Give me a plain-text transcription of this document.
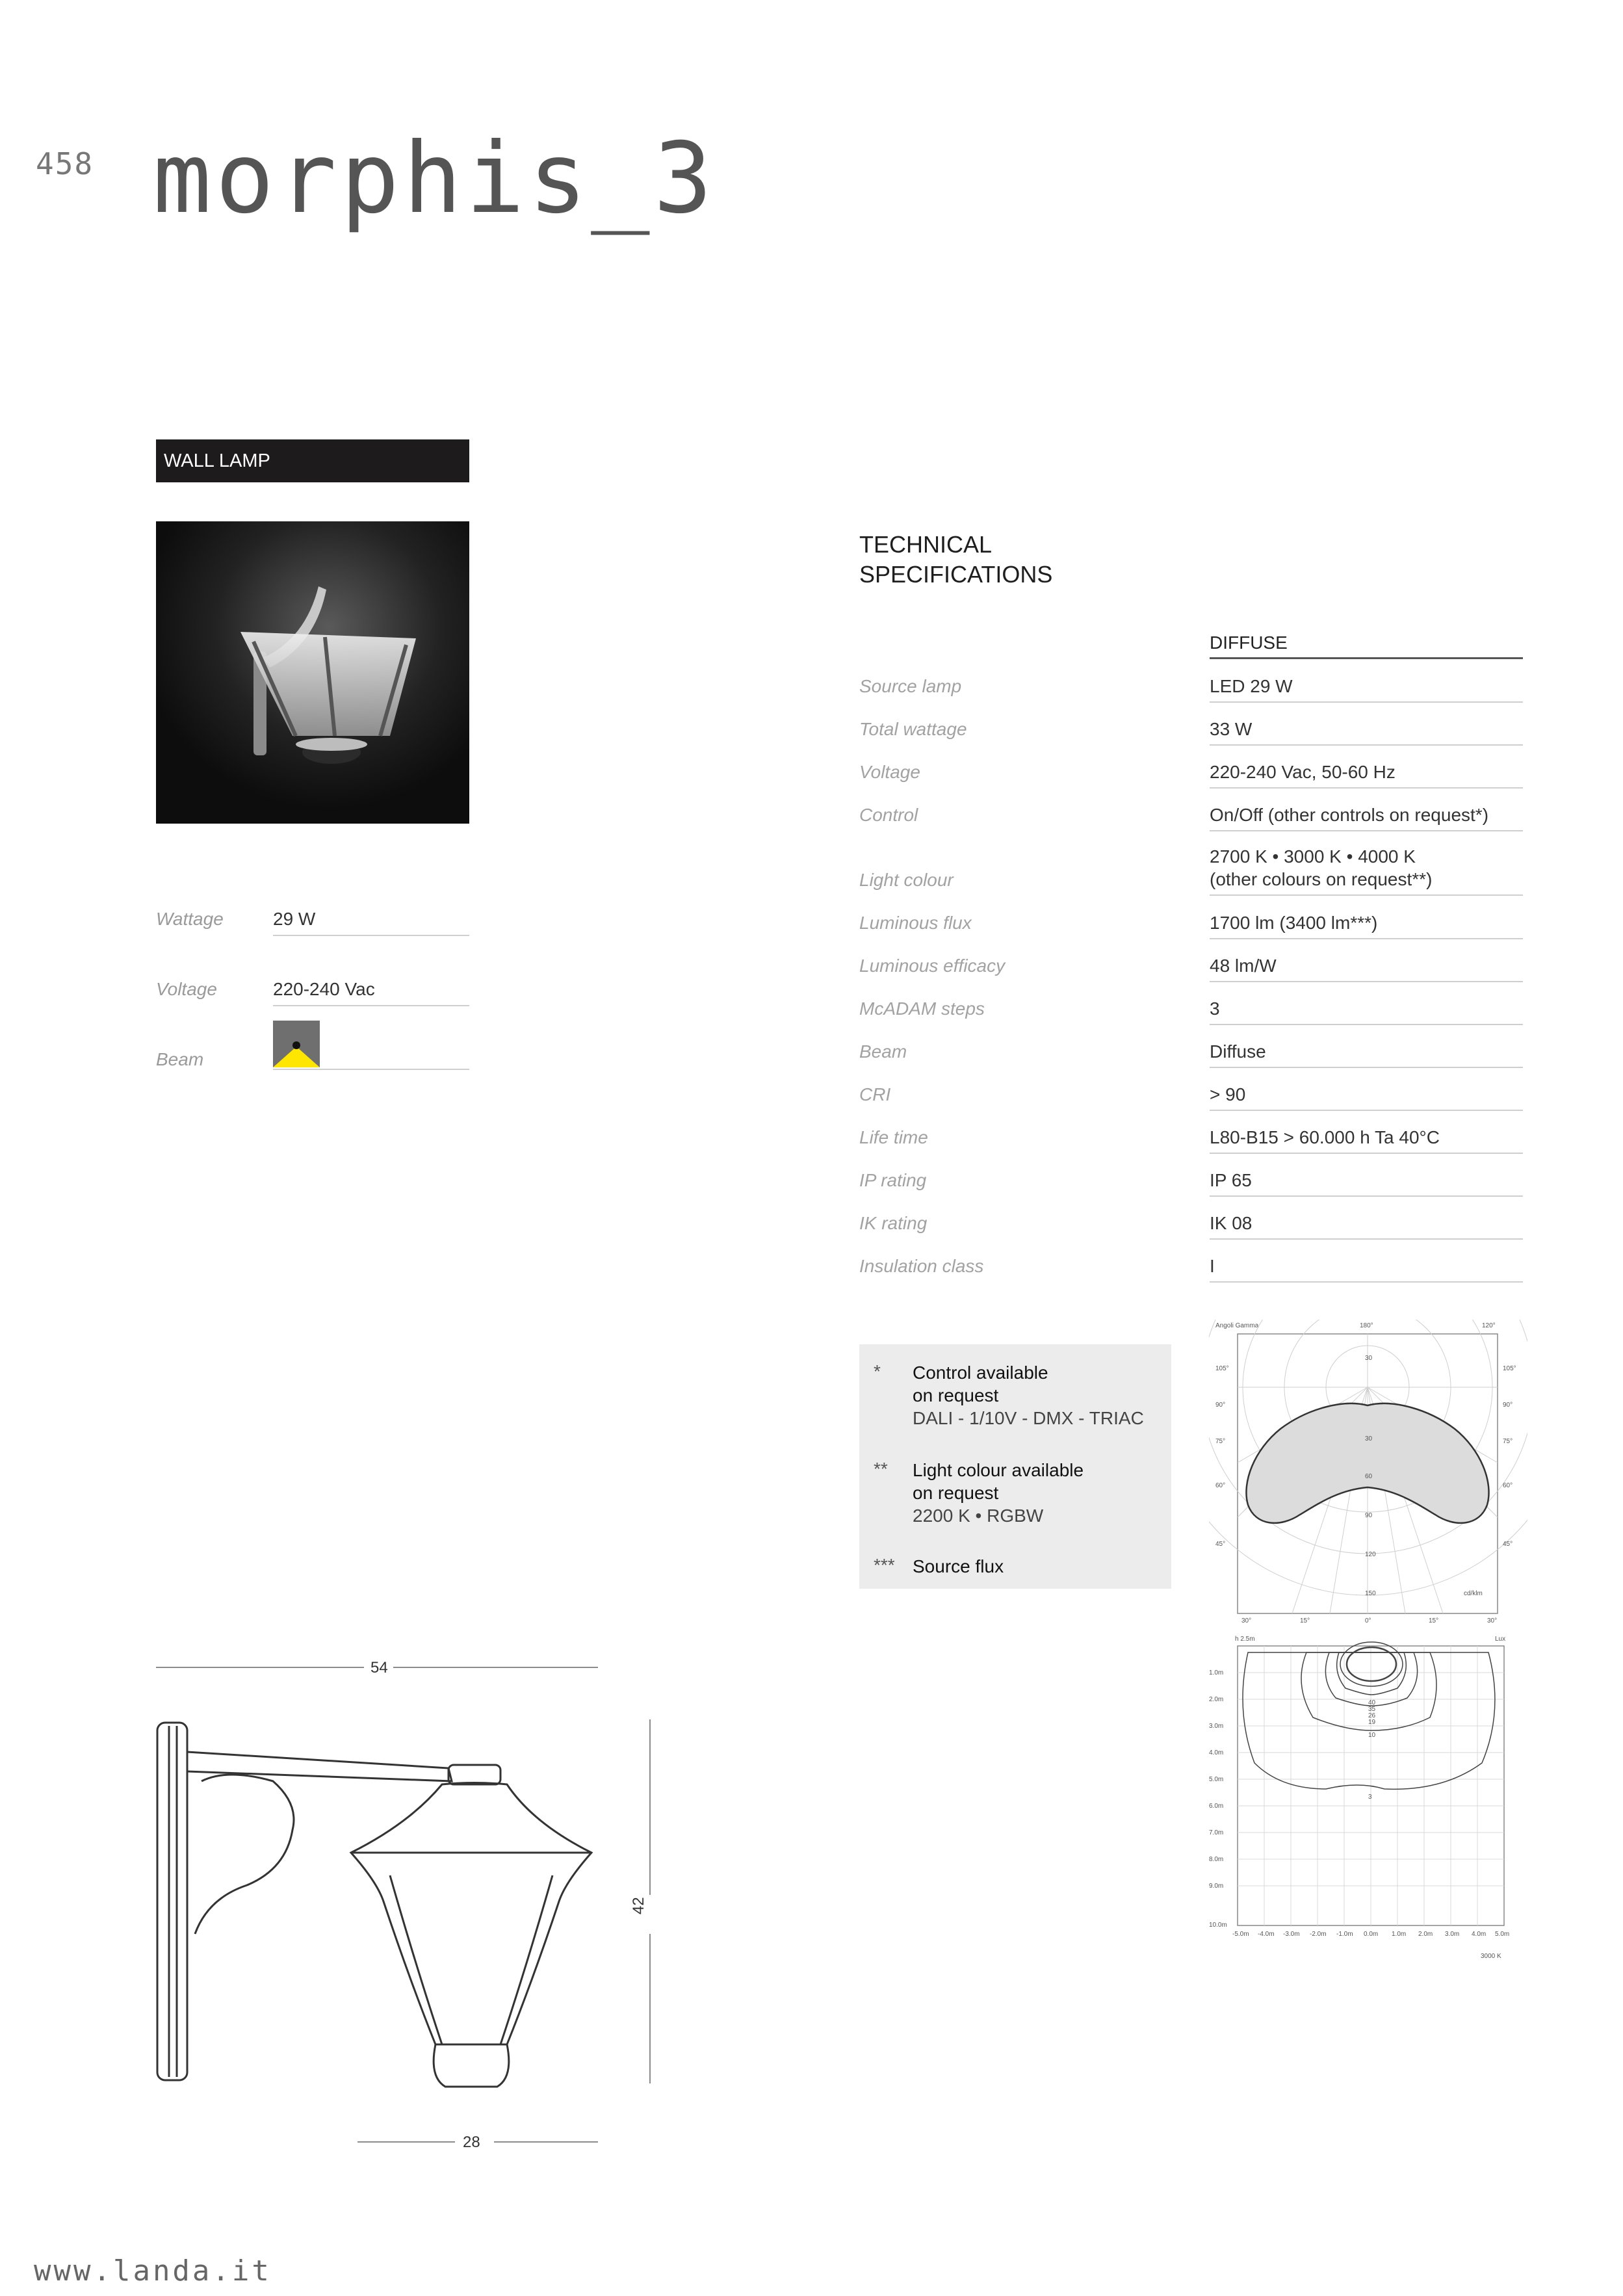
458 morphis_3
WALL LAMP
Wattage	29 W
Voltage	220-240 Vac
Beam
TECHNICAL
SPECIFICATIONS
DIFFUSE
Source lamp	LED 29 W
Total wattage	33 W
Voltage	220-240 Vac, 50-60 Hz
Control	On/Off (other controls on request*)
Light colour
2700 K • 3000 K • 4000 K
(other colours on request**)
Luminous flux	1700 lm (3400 lm***)
Luminous efficacy	48 lm/W
McADAM steps	3
Beam	Diffuse
CRI	> 90
Life time	L80-B15 > 60.000 h Ta 40°C
IP rating	IP 65
IK rating	IK 08
Insulation class	I
* Control available
on request
DALI - 1/10V - DMX - TRIAC
** Light colour available
on request
2200 K • RGBW
*** Source flux
Angoli Gamma	180°	120°
105°
90°
75°
60°
45°
105°
90°
75°
60°
45°
30
30
60
90
120
150	cd/klm
30°	15°	0°	15°	30°
h 2.5m	Lux
1.0m
2.0m
3.0m
4.0m
5.0m
6.0m
7.0m
8.0m
9.0m
10.0m
-5.0m -4.0m -3.0m -2.0m -1.0m 0.0m 1.0m 2.0m 3.0m 4.0m 5.0m
40
35
26
19
10
3
3000 K
54
42
28
www.landa.it
